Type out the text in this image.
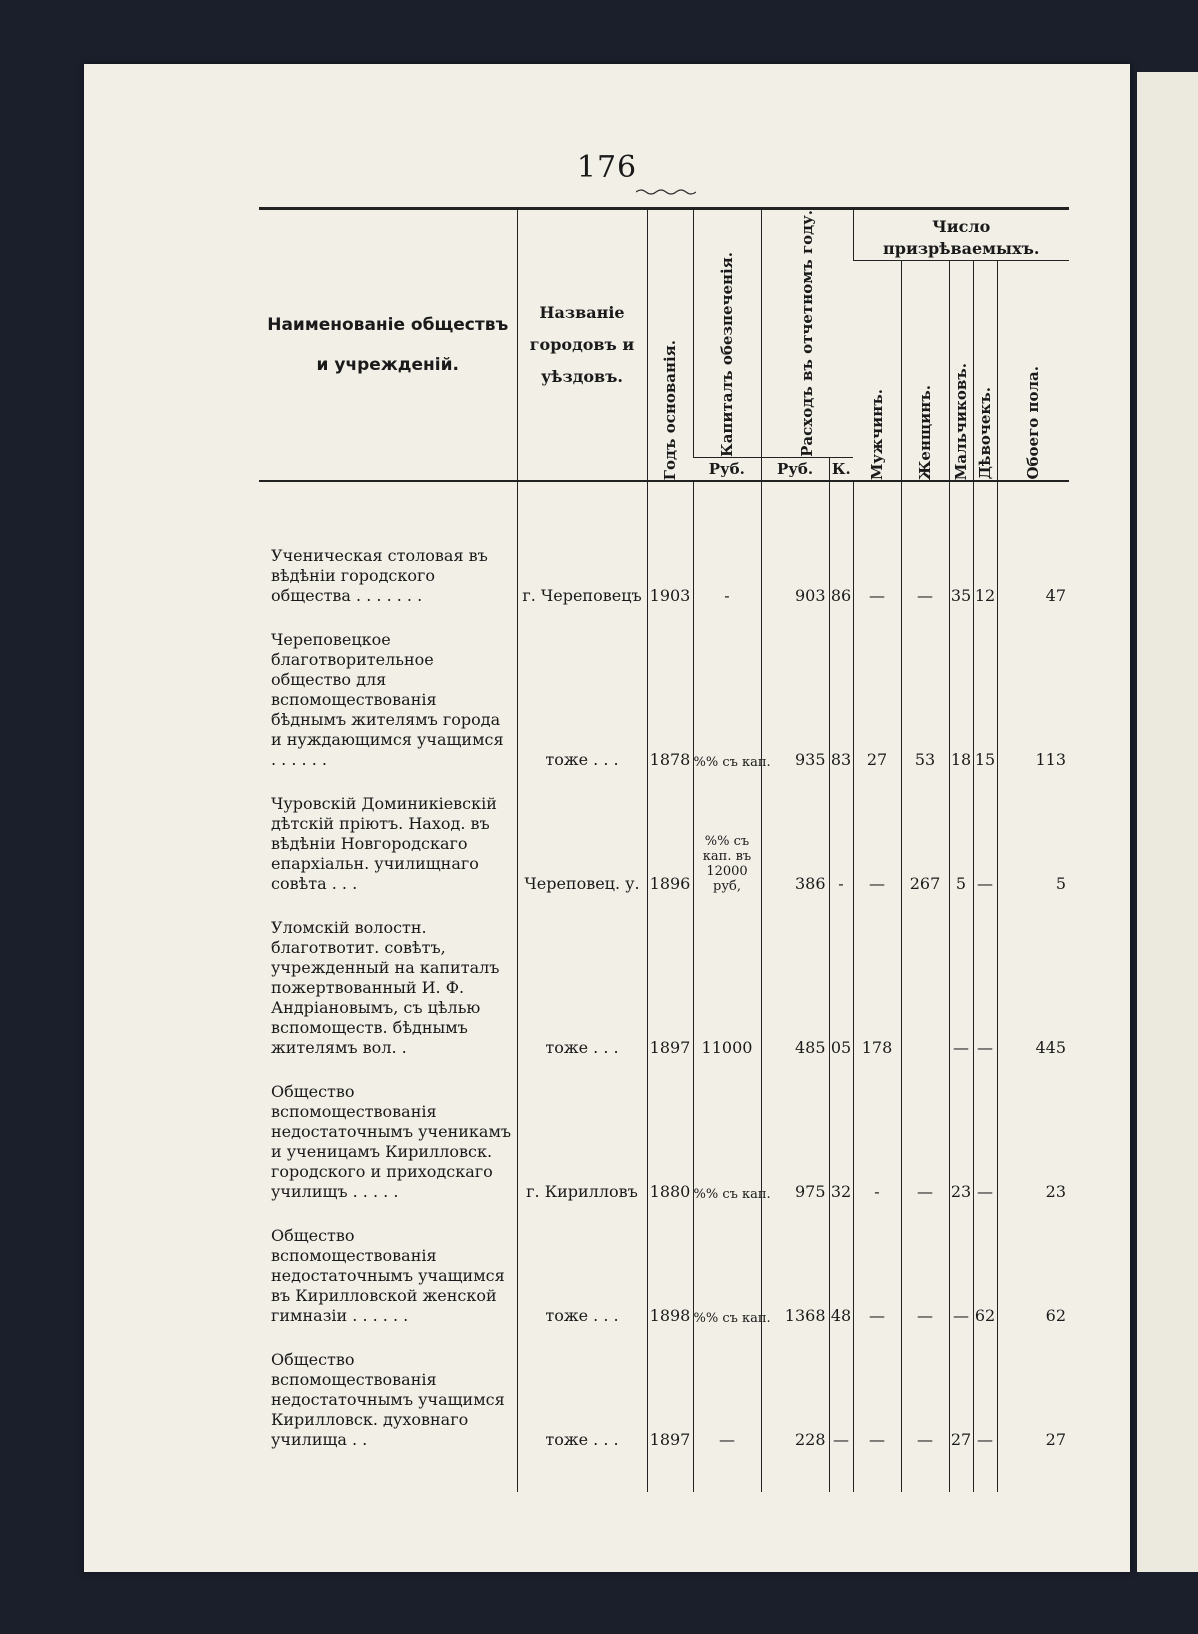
176
Наименованіе обществъ и учрежденій.	Названіе городовъ и уѣздовъ.	Годъ основанія.	Капиталъ обезпеченія.	Расходъ въ отчетномъ году.		Число призрѣваемыхъ.				

						Мужчинъ.	Женщинъ.	Мальчиковъ.	Дѣвочекъ.	Обоего пола.

			Руб.	Руб.	К.					

Ученическая столовая въ вѣдѣніи городского общества . . . . . . .	г. Череповецъ	1903	-	903	86	—	—	35	12	47
Череповецкое благотворительное общество для вспомоществованія бѣднымъ жителямъ города и нуждающимся учащимся . . . . . .	тоже . . .	1878	%% съ кап.	935	83	27	53	18	15	113
Чуровскій Доминикіевскій дѣтскій пріютъ. Наход. въ вѣдѣніи Новгородскаго епархіальн. училищнаго совѣта . . .	Череповец. у.	1896	%% съ кап. въ 12000 руб,	386	-	—	267	5	—	5
Уломскій волостн. благотвотит. совѣтъ, учрежденный на капиталъ пожертвованный И. Ф. Андріановымъ, съ цѣлью вспомоществ. бѣднымъ жителямъ вол. .	тоже . . .	1897	11000	485	05	178		—	—	445
Общество вспомоществованія недостаточнымъ ученикамъ и ученицамъ Кирилловск. городского и приходскаго училищъ . . . . .	г. Кирилловъ	1880	%% съ кап.	975	32	-	—	23	—	23
Общество вспомоществованія недостаточнымъ учащимся въ Кирилловской женской гимназіи . . . . . .	тоже . . .	1898	%% съ кап.	1368	48	—	—	—	62	62
Общество вспомоществованія недостаточнымъ учащимся Кирилловск. духовнаго училища . .	тоже . . .	1897	—	228	—	—	—	27	—	27
